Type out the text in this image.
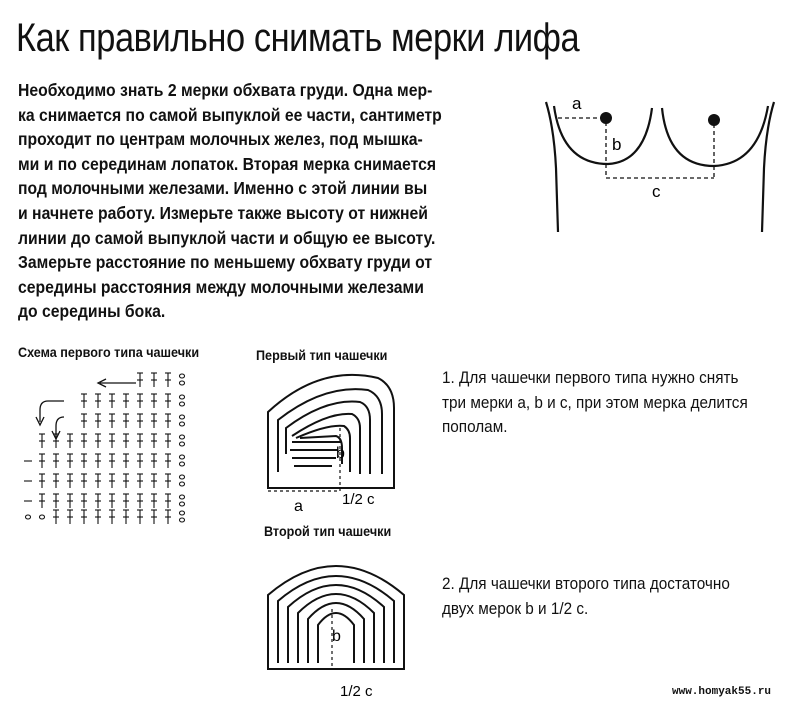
Как правильно снимать мерки лифа
Необходимо знать 2 мерки обхвата груди. Одна мер-
ка снимается по самой выпуклой ее части, сантиметр
проходит по центрам молочных желез, под мышка-
ми и по серединам лопаток. Вторая мерка снимается
под молочными железами. Именно с этой линии вы
и начнете работу. Измерьте также высоту от нижней
линии до самой выпуклой части и общую ее высоту.
Замерьте расстояние по меньшему обхвату груди от
середины расстояния между молочными железами
до середины бока.
a
b
c
Схема первого типа чашечки	Первый тип чашечки
a
b
1/2 c
Второй тип чашечки
b
1/2 c
1. Для чашечки первого типа нужно снять
три мерки a, b и c, при этом мерка делится
пополам.
2. Для чашечки второго типа достаточно
двух мерок b и 1/2 c.
www.homyak55.ru
